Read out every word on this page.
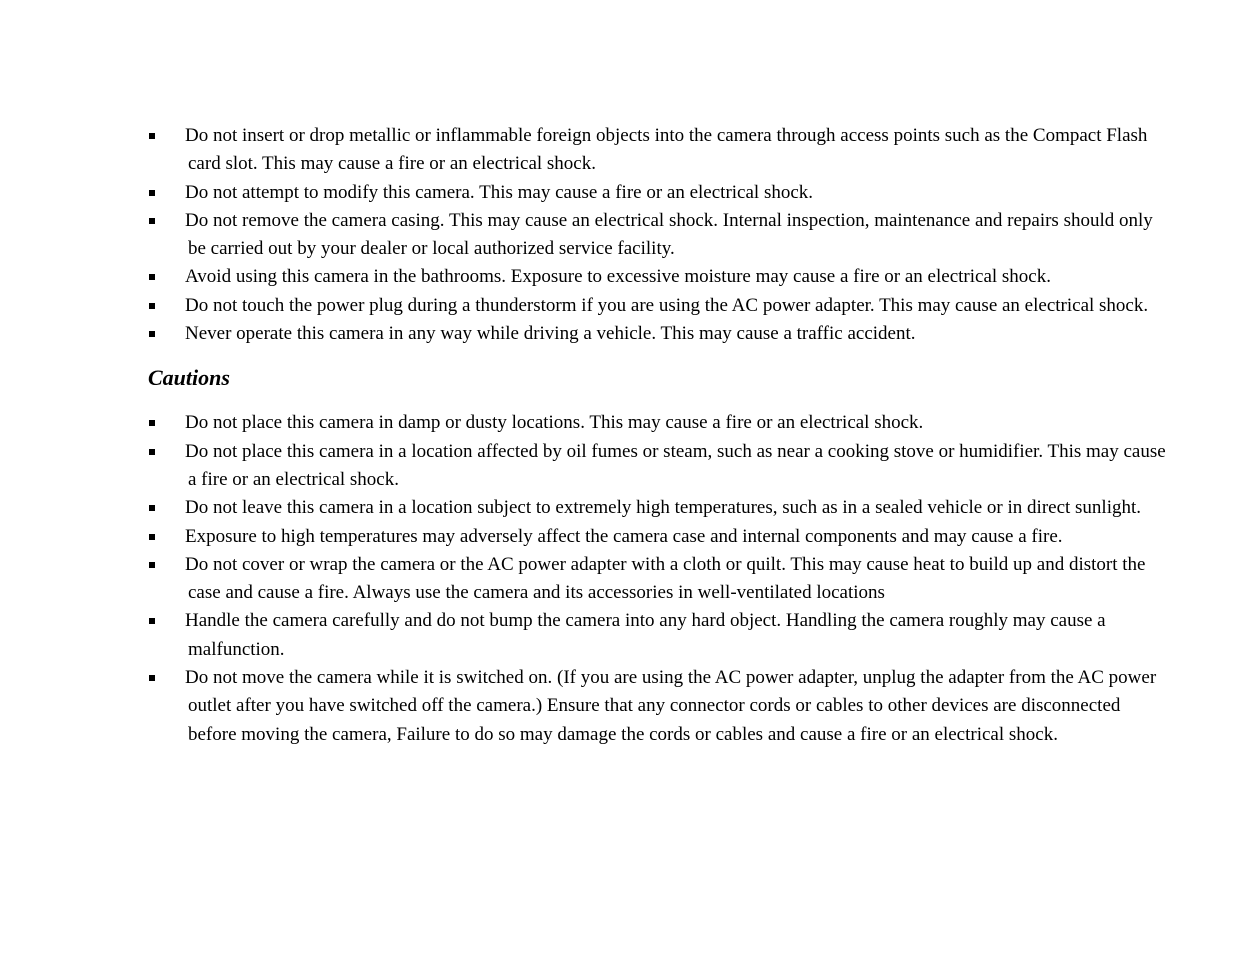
Do not insert or drop metallic or inflammable foreign objects into the camera through access points such as the Compact Flash card slot. This may cause a fire or an electrical shock.
Do not attempt to modify this camera. This may cause a fire or an electrical shock.
Do not remove the camera casing. This may cause an electrical shock. Internal inspection, maintenance and repairs should only be carried out by your dealer or local authorized service facility.
Avoid using this camera in the bathrooms. Exposure to excessive moisture may cause a fire or an electrical shock.
Do not touch the power plug during a thunderstorm if you are using the AC power adapter. This may cause an electrical shock.
Never operate this camera in any way while driving a vehicle. This may cause a traffic accident.
Cautions
Do not place this camera in damp or dusty locations. This may cause a fire or an electrical shock.
Do not place this camera in a location affected by oil fumes or steam, such as near a cooking stove or humidifier. This may cause a fire or an electrical shock.
Do not leave this camera in a location subject to extremely high temperatures, such as in a sealed vehicle or in direct sunlight.
Exposure to high temperatures may adversely affect the camera case and internal components and may cause a fire.
Do not cover or wrap the camera or the AC power adapter with a cloth or quilt. This may cause heat to build up and distort the case and cause a fire. Always use the camera and its accessories in well-ventilated locations
Handle the camera carefully and do not bump the camera into any hard object. Handling the camera roughly may cause a malfunction.
Do not move the camera while it is switched on. (If you are using the AC power adapter, unplug the adapter from the AC power outlet after you have switched off the camera.) Ensure that any connector cords or cables to other devices are disconnected before moving the camera, Failure to do so may damage the cords or cables and cause a fire or an electrical shock.
